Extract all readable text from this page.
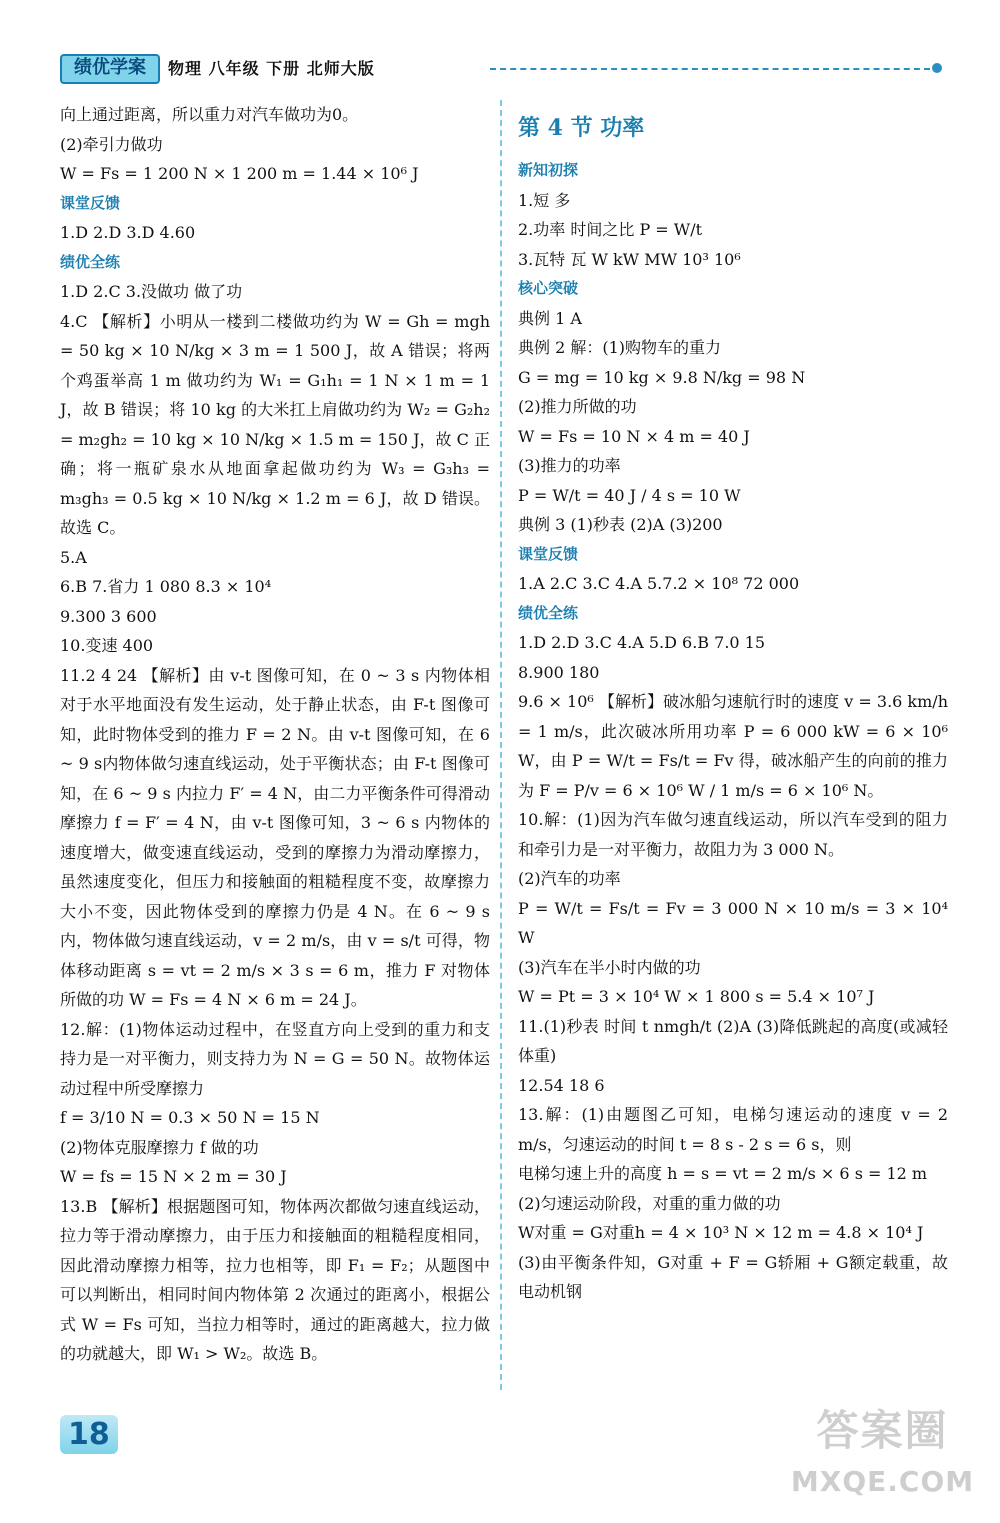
绩优学案	物理 八年级 下册 北师大版

向上通过距离，所以重力对汽车做功为0。

(2)牵引力做功

W = Fs = 1 200 N × 1 200 m = 1.44 × 10⁶ J

课堂反馈

1.D 2.D 3.D 4.60

绩优全练

1.D 2.C 3.没做功 做了功

4.C 【解析】小明从一楼到二楼做功约为 W = Gh = mgh = 50 kg × 10 N/kg × 3 m = 1 500 J，故 A 错误；将两个鸡蛋举高 1 m 做功约为 W₁ = G₁h₁ = 1 N × 1 m = 1 J，故 B 错误；将 10 kg 的大米扛上肩做功约为 W₂ = G₂h₂ = m₂gh₂ = 10 kg × 10 N/kg × 1.5 m = 150 J，故 C 正确；将一瓶矿泉水从地面拿起做功约为 W₃ = G₃h₃ = m₃gh₃ = 0.5 kg × 10 N/kg × 1.2 m = 6 J，故 D 错误。故选 C。

5.A

6.B 7.省力 1 080 8.3 × 10⁴

9.300 3 600

10.变速 400

11.2 4 24 【解析】由 v-t 图像可知，在 0 ~ 3 s 内物体相对于水平地面没有发生运动，处于静止状态，由 F-t 图像可知，此时物体受到的推力 F = 2 N。由 v-t 图像可知，在 6 ~ 9 s内物体做匀速直线运动，处于平衡状态；由 F-t 图像可知，在 6 ~ 9 s 内拉力 F′ = 4 N，由二力平衡条件可得滑动摩擦力 f = F′ = 4 N，由 v-t 图像可知，3 ~ 6 s 内物体的速度增大，做变速直线运动，受到的摩擦力为滑动摩擦力，虽然速度变化，但压力和接触面的粗糙程度不变，故摩擦力大小不变，因此物体受到的摩擦力仍是 4 N。在 6 ~ 9 s 内，物体做匀速直线运动，v = 2 m/s，由 v = s/t 可得，物体移动距离 s = vt = 2 m/s × 3 s = 6 m，推力 F 对物体所做的功 W = Fs = 4 N × 6 m = 24 J。

12.解：(1)物体运动过程中，在竖直方向上受到的重力和支持力是一对平衡力，则支持力为 N = G = 50 N。故物体运动过程中所受摩擦力

f = 3/10 N = 0.3 × 50 N = 15 N

(2)物体克服摩擦力 f 做的功

W = fs = 15 N × 2 m = 30 J

13.B 【解析】根据题图可知，物体两次都做匀速直线运动，拉力等于滑动摩擦力，由于压力和接触面的粗糙程度相同，因此滑动摩擦力相等，拉力也相等，即 F₁ = F₂；从题图中可以判断出，相同时间内物体第 2 次通过的距离小，根据公式 W = Fs 可知，当拉力相等时，通过的距离越大，拉力做的功就越大，即 W₁ > W₂。故选 B。

第 4 节 功率

新知初探

1.短 多

2.功率 时间之比 P = W/t

3.瓦特 瓦 W kW MW 10³ 10⁶

核心突破

典例 1 A

典例 2 解：(1)购物车的重力

G = mg = 10 kg × 9.8 N/kg = 98 N

(2)推力所做的功

W = Fs = 10 N × 4 m = 40 J

(3)推力的功率

P = W/t = 40 J / 4 s = 10 W

典例 3 (1)秒表 (2)A (3)200

课堂反馈

1.A 2.C 3.C 4.A 5.7.2 × 10⁸ 72 000

绩优全练

1.D 2.D 3.C 4.A 5.D 6.B 7.0 15

8.900 180

9.6 × 10⁶ 【解析】破冰船匀速航行时的速度 v = 3.6 km/h = 1 m/s，此次破冰所用功率 P = 6 000 kW = 6 × 10⁶ W，由 P = W/t = Fs/t = Fv 得，破冰船产生的向前的推力为 F = P/v = 6 × 10⁶ W / 1 m/s = 6 × 10⁶ N。

10.解：(1)因为汽车做匀速直线运动，所以汽车受到的阻力和牵引力是一对平衡力，故阻力为 3 000 N。

(2)汽车的功率

P = W/t = Fs/t = Fv = 3 000 N × 10 m/s = 3 × 10⁴ W

(3)汽车在半小时内做的功

W = Pt = 3 × 10⁴ W × 1 800 s = 5.4 × 10⁷ J

11.(1)秒表 时间 t nmgh/t (2)A (3)降低跳起的高度(或减轻体重)

12.54 18 6

13.解：(1)由题图乙可知，电梯匀速运动的速度 v = 2 m/s，匀速运动的时间 t = 8 s - 2 s = 6 s，则

电梯匀速上升的高度 h = s = vt = 2 m/s × 6 s = 12 m

(2)匀速运动阶段，对重的重力做的功

W对重 = G对重h = 4 × 10³ N × 12 m = 4.8 × 10⁴ J

(3)由平衡条件知，G对重 + F = G轿厢 + G额定载重，故电动机钢

18	答案圈
MXQE.COM
